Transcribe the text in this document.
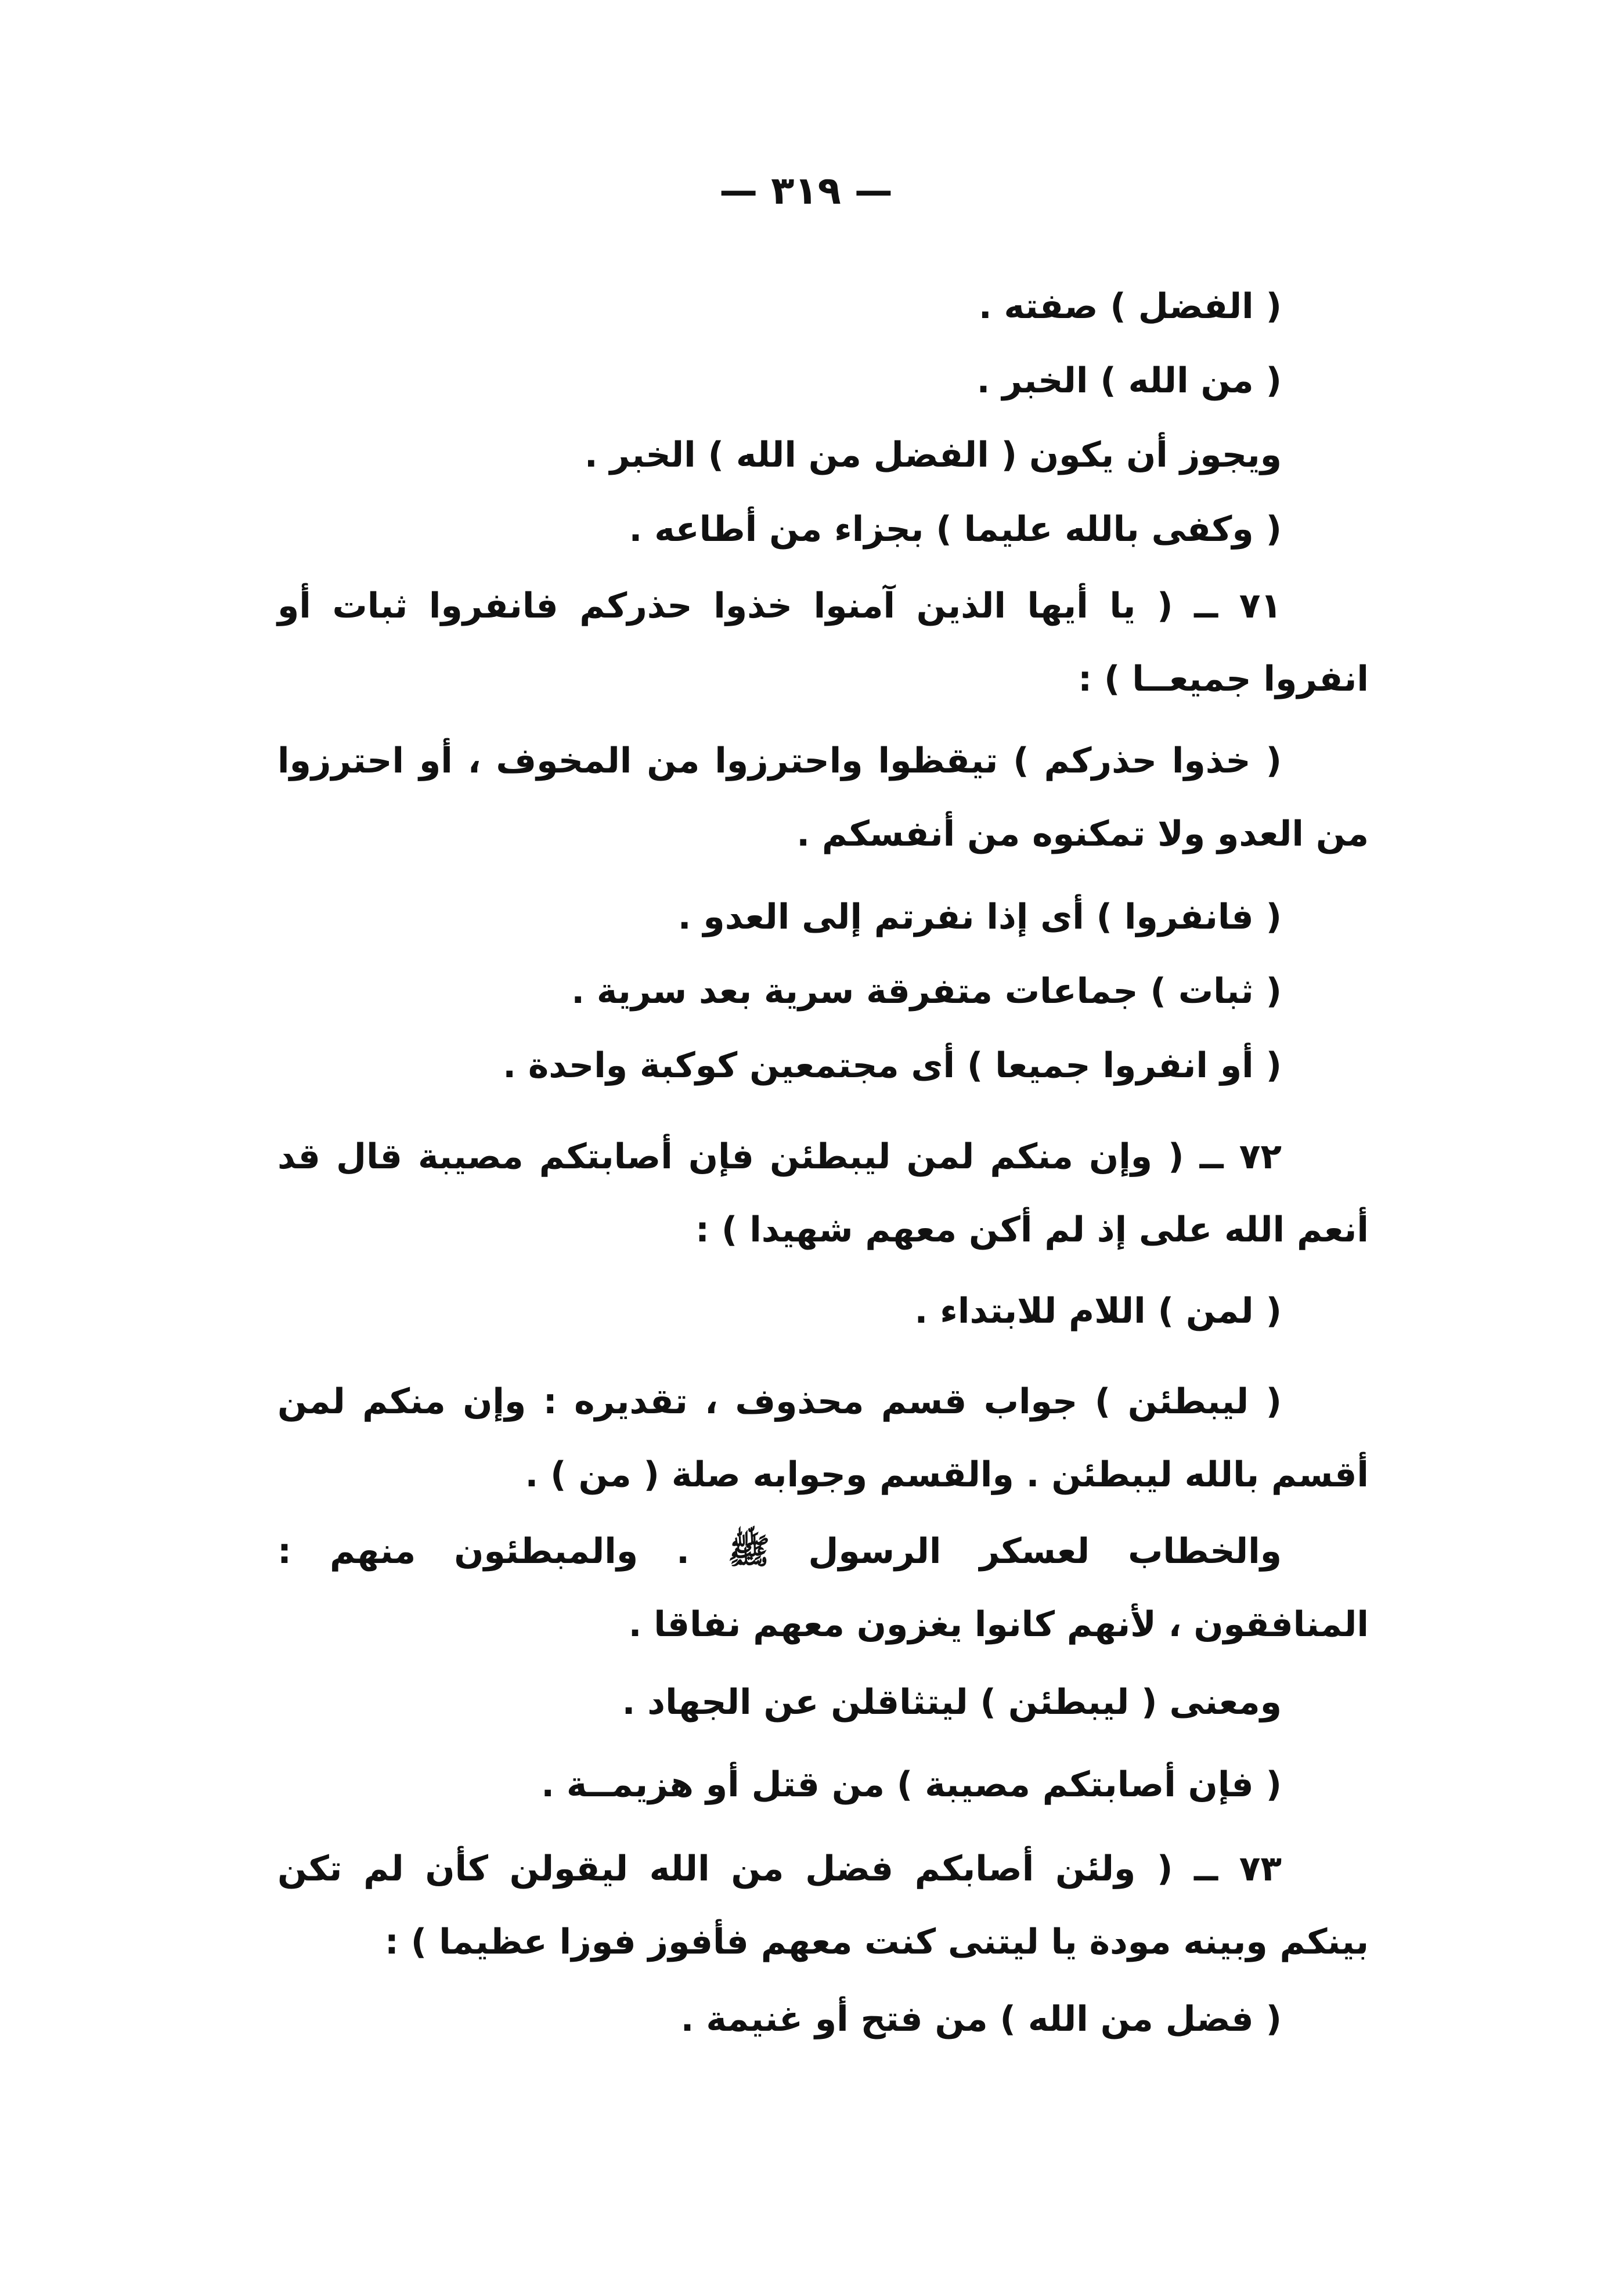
— ٣١٩ —

( الفضل ) صفته .

( من الله ) الخبر .

ويجوز أن يكون ( الفضل من الله ) الخبر .

( وكفى بالله عليما ) بجزاء من أطاعه .

٧١ ــ ( يا أيها الذين آمنوا خذوا حذركم فانفروا ثبات أو انفروا جميعــا ) :

( خذوا حذركم ) تيقظوا واحترزوا من المخوف ، أو احترزوا من العدو ولا تمكنوه من أنفسكم .

( فانفروا ) أى إذا نفرتم إلى العدو .

( ثبات ) جماعات متفرقة سرية بعد سرية .

( أو انفروا جميعا ) أى مجتمعين كوكبة واحدة .

٧٢ ــ ( وإن منكم لمن ليبطئن فإن أصابتكم مصيبة قال قد أنعم الله على إذ لم أكن معهم شهيدا ) :

( لمن ) اللام للابتداء .

( ليبطئن ) جواب قسم محذوف ، تقديره : وإن منكم لمن أقسم بالله ليبطئن . والقسم وجوابه صلة ( من ) .

والخطاب لعسكر الرسول ﷺ . والمبطئون منهم : المنافقون ، لأنهم كانوا يغزون معهم نفاقا .

ومعنى ( ليبطئن ) ليتثاقلن عن الجهاد .

( فإن أصابتكم مصيبة ) من قتل أو هزيمــة .

٧٣ ــ ( ولئن أصابكم فضل من الله ليقولن كأن لم تكن بينكم وبينه مودة يا ليتنى كنت معهم فأفوز فوزا عظيما ) :

( فضل من الله ) من فتح أو غنيمة .
